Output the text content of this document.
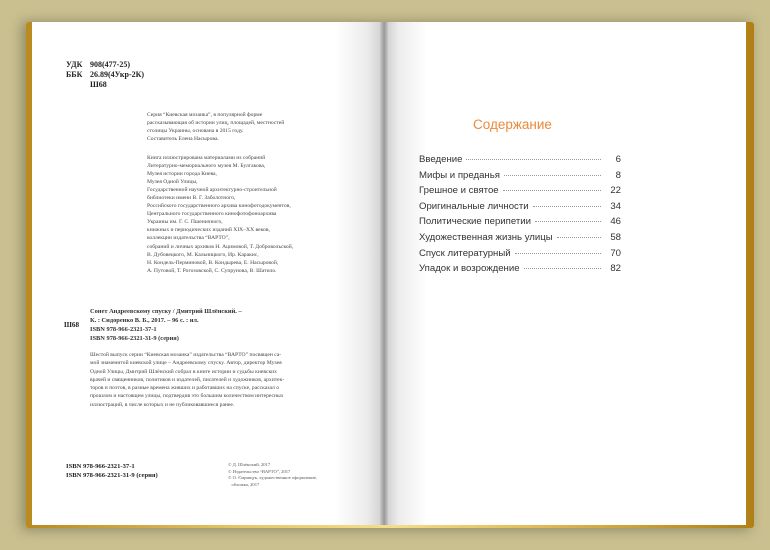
УДК 908(477-25)
ББК 26.89(4Укр-2К)
Ш68
Серия “Киевская мозаика”, в популярной форме
рассказывающая об истории улиц, площадей, местностей
столицы Украины, основана в 2015 году.
Составитель Елена Насырова.
Книга иллюстрирована материалами из собраний
Литературно-мемориального музея М. Булгакова,
Музея истории города Киева,
Музея Одной Улицы,
Государственной научной архитектурно-строительной
библиотеки имени В. Г. Заболотного,
Российского государственного архива кинофотодокументов,
Центрального государственного кинофотофоноархива
Украины им. Г. С. Пшеничного,
книжных и периодических изданий XIX–XX веков,
коллекции издательства “ВАРТО”,
собраний и личных архивов Н. Ацимовой, Т. Добровольской,
В. Дубовецкого, М. Кальницкого, Ир. Каракис,
Н. Кондель-Перминовой, В. Кондырева, Е. Насыровой,
А. Путовой, Т. Рогозовской, С. Супруновa, В. Шатило.
Ш68
Сонет Андреевскому спуску / Дмитрий Шлёнский. –
К. : Сидоренко В. Б., 2017. – 96 с. : ил.
ISBN 978-966-2321-37-1
ISBN 978-966-2321-31-9 (серия)
Шестой выпуск серии “Киевская мозаика” издательства “ВАРТО” посвящен са-
мой знаменитой киевской улице – Андреевскому спуску. Автор, директор Музея
Одной Улицы, Дмитрий Шлёнский собрал в книге истории и судьбы киевских
врачей и священников, политиков и издателей, писателей и художников, архитек-
торов и поэтов, в разные времена живших и работавших на спуске, рассказал о
прошлом и настоящем улицы, подтвердив это большим количеством интересных
иллюстраций, в числе которых и не публиковавшиеся ранее.
ISBN 978-966-2321-37-1
ISBN 978-966-2321-31-9 (серия)
© Д. Шлёнский, 2017
© Издательство “ВАРТО”, 2017
© О. Ємрищук, художественное оформление,
обложка, 2017
Содержание
Введение	6
Мифы и преданья	8
Грешное и святое	22
Оригинальные личности	34
Политические перипетии	46
Художественная жизнь улицы	58
Спуск литературный	70
Упадок и возрождение	82
